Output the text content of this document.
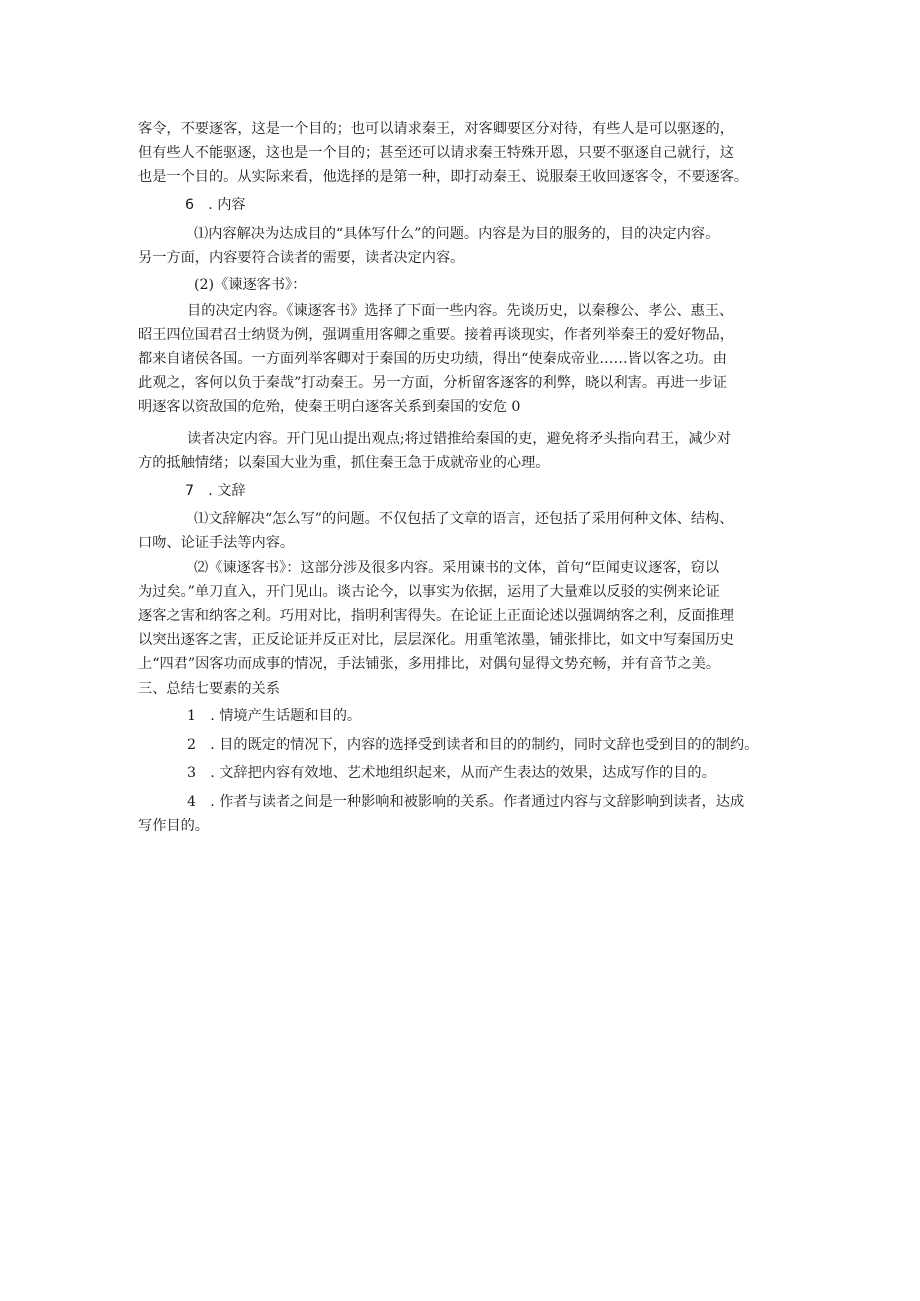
客令，不要逐客，这是一个目的；也可以请求秦王，对客卿要区分对待，有些人是可以驱逐的，

但有些人不能驱逐，这也是一个目的；甚至还可以请求秦王特殊开恩，只要不驱逐自己就行，这

也是一个目的。从实际来看，他选择的是第一种，即打动秦王、说服秦王收回逐客令，不要逐客。

6　. 内容

⑴内容解决为达成目的“具体写什么”的问题。内容是为目的服务的，目的决定内容。

另一方面，内容要符合读者的需要，读者决定内容。

(2)《谏逐客书》：

目的决定内容。《谏逐客书》选择了下面一些内容。先谈历史，以秦穆公、孝公、惠王、

昭王四位国君召士纳贤为例，强调重用客卿之重要。接着再谈现实，作者列举秦王的爱好物品，

都来自诸侯各国。一方面列举客卿对于秦国的历史功绩，得出“使秦成帝业……皆以客之功。由

此观之，客何以负于秦哉”打动秦王。另一方面，分析留客逐客的利弊，晓以利害。再进一步证

明逐客以资敌国的危殆，使秦王明白逐客关系到秦国的安危 0

读者决定内容。开门见山提出观点;将过错推给秦国的吏，避免将矛头指向君王，减少对

方的抵触情绪；以秦国大业为重，抓住秦王急于成就帝业的心理。

7　. 文辞

⑴文辞解决“怎么写”的问题。不仅包括了文章的语言，还包括了采用何种文体、结构、

口吻、论证手法等内容。

⑵《谏逐客书》：这部分涉及很多内容。采用谏书的文体，首句“臣闻吏议逐客，窃以

为过矣。”单刀直入，开门见山。谈古论今，以事实为依据，运用了大量难以反驳的实例来论证

逐客之害和纳客之利。巧用对比，指明利害得失。在论证上正面论述以强调纳客之利，反面推理

以突出逐客之害，正反论证并反正对比，层层深化。用重笔浓墨，铺张排比，如文中写秦国历史

上“四君”因客功而成事的情况，手法铺张，多用排比，对偶句显得文势充畅，并有音节之美。

三、总结七要素的关系

1　. 情境产生话题和目的。

2　. 目的既定的情况下，内容的选择受到读者和目的的制约，同时文辞也受到目的的制约。

3　. 文辞把内容有效地、艺术地组织起来，从而产生表达的效果，达成写作的目的。

4　. 作者与读者之间是一种影响和被影响的关系。作者通过内容与文辞影响到读者，达成

写作目的。
